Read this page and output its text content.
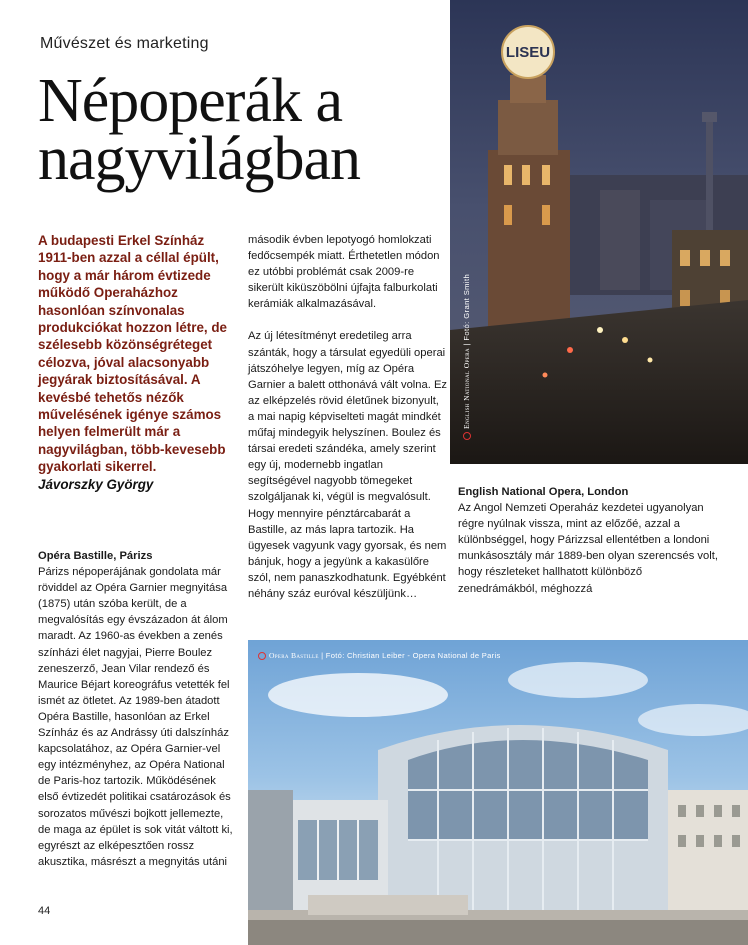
Művészet és marketing
Népoperák a
nagyvilágban

A budapesti Erkel Színház 1911-ben azzal a céllal épült, hogy a már három évtizede működő Operaházhoz hasonlóan színvonalas produkciókat hozzon létre, de szélesebb közönségréteget célozva, jóval alacsonyabb jegyárak biztosításával. A kevésbé tehetős nézők művelésének igénye számos helyen felmerült már a nagyvilágban, több-kevesebb gyakorlati sikerrel.

Jávorszky György

Opéra Bastille, Párizs

Párizs népoperájának gondolata már röviddel az Opéra Garnier megnyitása (1875) után szóba került, de a megvalósítás egy évszázadon át álom maradt. Az 1960-as években a zenés színházi élet nagyjai, Pierre Boulez zeneszerző, Jean Vilar rendező és Maurice Béjart koreográfus vetették fel ismét az ötletet. Az 1989-ben átadott Opéra Bastille, hasonlóan az Erkel Színház és az Andrássy úti dalszínház kapcsolatához, az Opéra Garnier-vel egy intézményhez, az Opéra National de Paris-hoz tartozik. Működésének első évtizedét politikai csatározások és sorozatos művészi bojkott jellemezte, de maga az épület is sok vitát váltott ki, egyrészt az elképesztően rossz akusztika, másrészt a megnyitás utáni

második évben lepotyogó homlokzati fedőcsempék miatt. Érthetetlen módon ez utóbbi problémát csak 2009-re sikerült kiküszöbölni újfajta falburkolati kerámiák alkalmazásával.

Az új létesítményt eredetileg arra szánták, hogy a társulat egyedüli operai játszóhelye legyen, míg az Opéra Garnier a balett otthonává vált volna. Ez az elképzelés rövid életűnek bizonyult, a mai napig képviselteti magát mindkét műfaj mindegyik helyszínen. Boulez és társai eredeti szándéka, amely szerint egy új, modernebb ingatlan segítségével nagyobb tömegeket szolgáljanak ki, végül is megvalósult. Hogy mennyire pénztárcabarát a Bastille, az más lapra tartozik. Ha ügyesek vagyunk vagy gyorsak, és nem bánjuk, hogy a jegyünk a kakasülőre szól, nem panaszkodhatunk. Egyébként néhány száz euróval készüljünk…

English National Opera, London

Az Angol Nemzeti Operaház kezdetei ugyanolyan régre nyúlnak vissza, mint az előzőé, azzal a különbséggel, hogy Párizzsal ellentétben a londoni munkásosztály már 1889-ben olyan szerencsés volt, hogy részleteket hallhatott különböző zenedrámákból, méghozzá

LISEU
English National Opera | Fotó: Grant Smith
Opera Bastille | Fotó: Christian Leiber - Opera National de Paris
44
